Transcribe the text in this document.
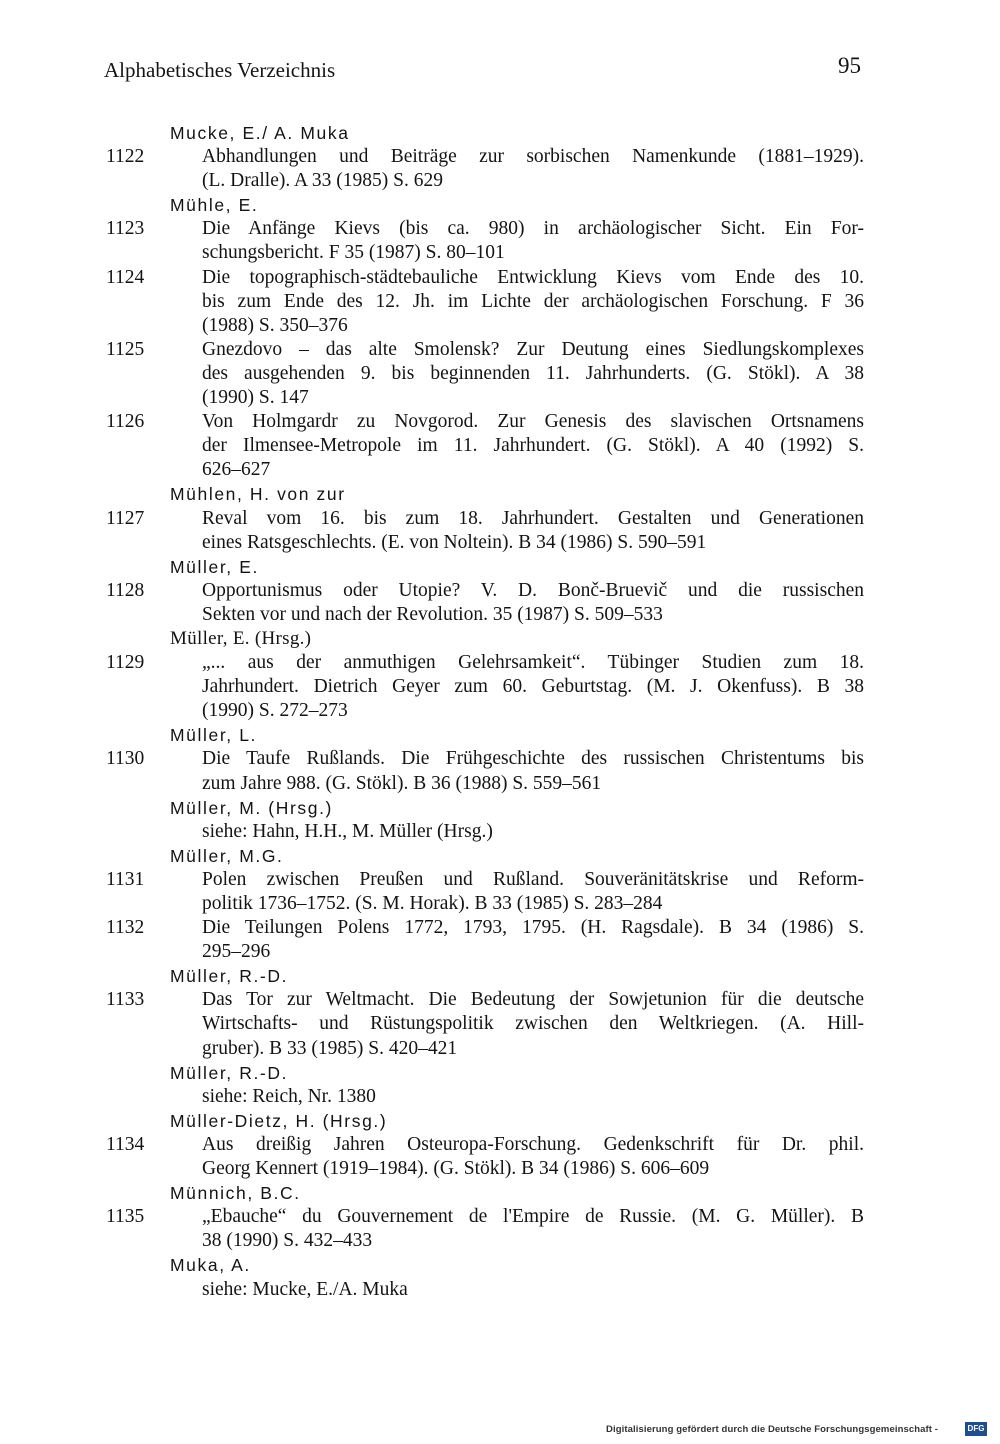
Alphabetisches Verzeichnis	95
Mucke, E./ A. Muka
1122	Abhandlungen und Beiträge zur sorbischen Namenkunde (1881–1929).
(L. Dralle). A 33 (1985) S. 629
Mühle, E.
1123	Die Anfänge Kievs (bis ca. 980) in archäologischer Sicht. Ein For-
schungsbericht. F 35 (1987) S. 80–101
1124	Die topographisch-städtebauliche Entwicklung Kievs vom Ende des 10.
bis zum Ende des 12. Jh. im Lichte der archäologischen Forschung. F 36
(1988) S. 350–376
1125	Gnezdovo – das alte Smolensk? Zur Deutung eines Siedlungskomplexes
des ausgehenden 9. bis beginnenden 11. Jahrhunderts. (G. Stökl). A 38
(1990) S. 147
1126	Von Holmgardr zu Novgorod. Zur Genesis des slavischen Ortsnamens
der Ilmensee-Metropole im 11. Jahrhundert. (G. Stökl). A 40 (1992) S.
626–627
Mühlen, H. von zur
1127	Reval vom 16. bis zum 18. Jahrhundert. Gestalten und Generationen
eines Ratsgeschlechts. (E. von Noltein). B 34 (1986) S. 590–591
Müller, E.
1128	Opportunismus oder Utopie? V. D. Bonč-Bruevič und die russischen
Sekten vor und nach der Revolution. 35 (1987) S. 509–533
Müller, E. (Hrsg.)
1129	„... aus der anmuthigen Gelehrsamkeit“. Tübinger Studien zum 18.
Jahrhundert. Dietrich Geyer zum 60. Geburtstag. (M. J. Okenfuss). B 38
(1990) S. 272–273
Müller, L.
1130	Die Taufe Rußlands. Die Frühgeschichte des russischen Christentums bis
zum Jahre 988. (G. Stökl). B 36 (1988) S. 559–561
Müller, M. (Hrsg.)
siehe: Hahn, H.H., M. Müller (Hrsg.)
Müller, M.G.
1131	Polen zwischen Preußen und Rußland. Souveränitätskrise und Reform-
politik 1736–1752. (S. M. Horak). B 33 (1985) S. 283–284
1132	Die Teilungen Polens 1772, 1793, 1795. (H. Ragsdale). B 34 (1986) S.
295–296
Müller, R.-D.
1133	Das Tor zur Weltmacht. Die Bedeutung der Sowjetunion für die deutsche
Wirtschafts- und Rüstungspolitik zwischen den Weltkriegen. (A. Hill-
gruber). B 33 (1985) S. 420–421
Müller, R.-D.
siehe: Reich, Nr. 1380
Müller-Dietz, H. (Hrsg.)
1134	Aus dreißig Jahren Osteuropa-Forschung. Gedenkschrift für Dr. phil.
Georg Kennert (1919–1984). (G. Stökl). B 34 (1986) S. 606–609
Münnich, B.C.
1135	„Ebauche“ du Gouvernement de l'Empire de Russie. (M. G. Müller). B
38 (1990) S. 432–433
Muka, A.
siehe: Mucke, E./A. Muka
Digitalisierung gefördert durch die Deutsche Forschungsgemeinschaft -	DFG
